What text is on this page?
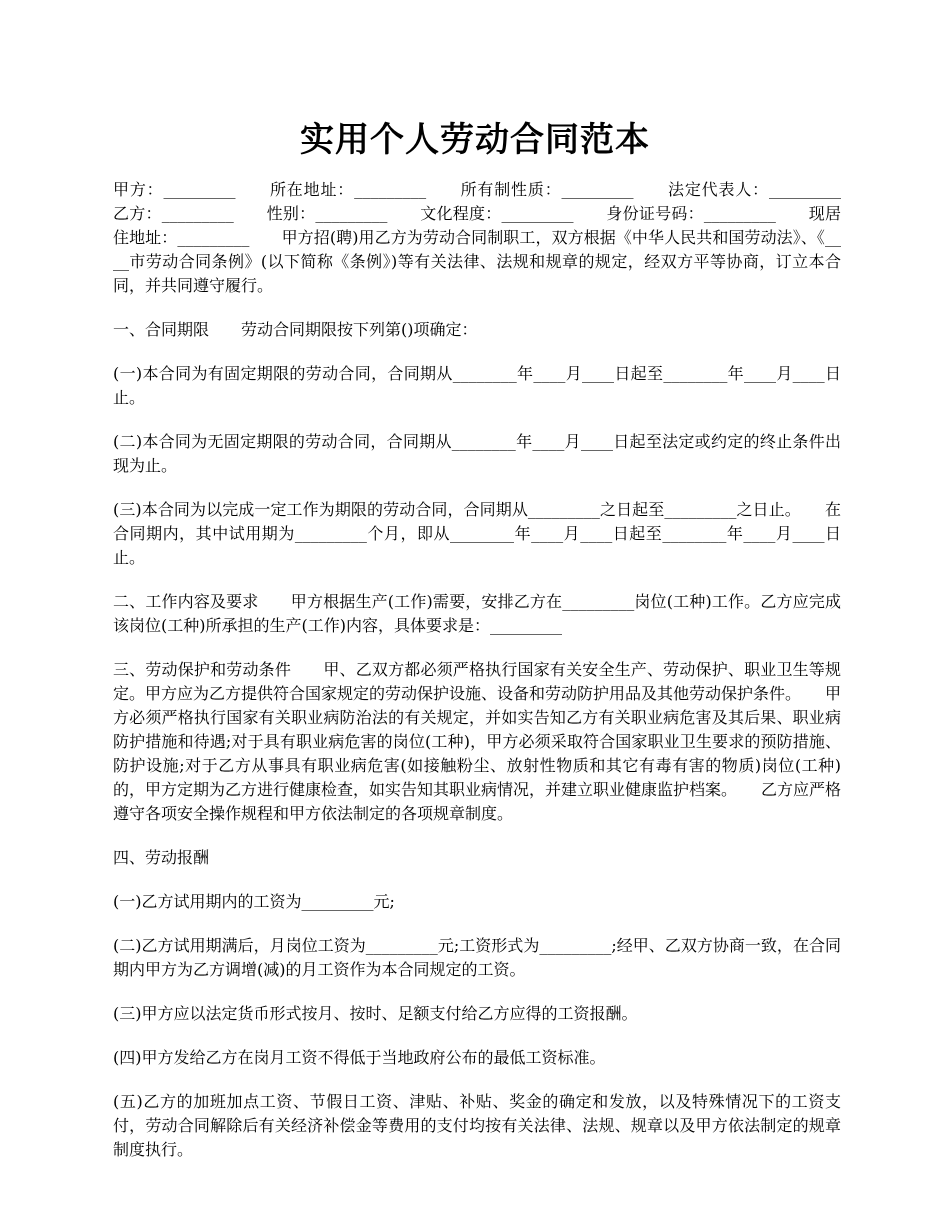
实用个人劳动合同范本

甲方：_________　　所在地址：_________　　所有制性质：_________　　法定代表人：_________　　乙方：_________　　性别：_________　　文化程度：_________　　身份证号码：_________　　现居住地址：_________　　甲方招(聘)用乙方为劳动合同制职工，双方根据《中华人民共和国劳动法》、《____市劳动合同条例》(以下简称《条例》)等有关法律、法规和规章的规定，经双方平等协商，订立本合同，并共同遵守履行。

一、合同期限　　劳动合同期限按下列第()项确定：

(一)本合同为有固定期限的劳动合同，合同期从________年____月____日起至________年____月____日止。

(二)本合同为无固定期限的劳动合同，合同期从________年____月____日起至法定或约定的终止条件出现为止。

(三)本合同为以完成一定工作为期限的劳动合同，合同期从_________之日起至_________之日止。　　在合同期内，其中试用期为_________个月，即从________年____月____日起至________年____月____日止。

二、工作内容及要求　　甲方根据生产(工作)需要，安排乙方在_________岗位(工种)工作。乙方应完成该岗位(工种)所承担的生产(工作)内容，具体要求是：_________

三、劳动保护和劳动条件　　甲、乙双方都必须严格执行国家有关安全生产、劳动保护、职业卫生等规定。甲方应为乙方提供符合国家规定的劳动保护设施、设备和劳动防护用品及其他劳动保护条件。　　甲方必须严格执行国家有关职业病防治法的有关规定，并如实告知乙方有关职业病危害及其后果、职业病防护措施和待遇;对于具有职业病危害的岗位(工种)，甲方必须采取符合国家职业卫生要求的预防措施、防护设施;对于乙方从事具有职业病危害(如接触粉尘、放射性物质和其它有毒有害的物质)岗位(工种)的，甲方定期为乙方进行健康检查，如实告知其职业病情况，并建立职业健康监护档案。　　乙方应严格遵守各项安全操作规程和甲方依法制定的各项规章制度。

四、劳动报酬

(一)乙方试用期内的工资为_________元;

(二)乙方试用期满后，月岗位工资为_________元;工资形式为_________;经甲、乙双方协商一致，在合同期内甲方为乙方调增(减)的月工资作为本合同规定的工资。

(三)甲方应以法定货币形式按月、按时、足额支付给乙方应得的工资报酬。

(四)甲方发给乙方在岗月工资不得低于当地政府公布的最低工资标准。

(五)乙方的加班加点工资、节假日工资、津贴、补贴、奖金的确定和发放，以及特殊情况下的工资支付，劳动合同解除后有关经济补偿金等费用的支付均按有关法律、法规、规章以及甲方依法制定的规章制度执行。
